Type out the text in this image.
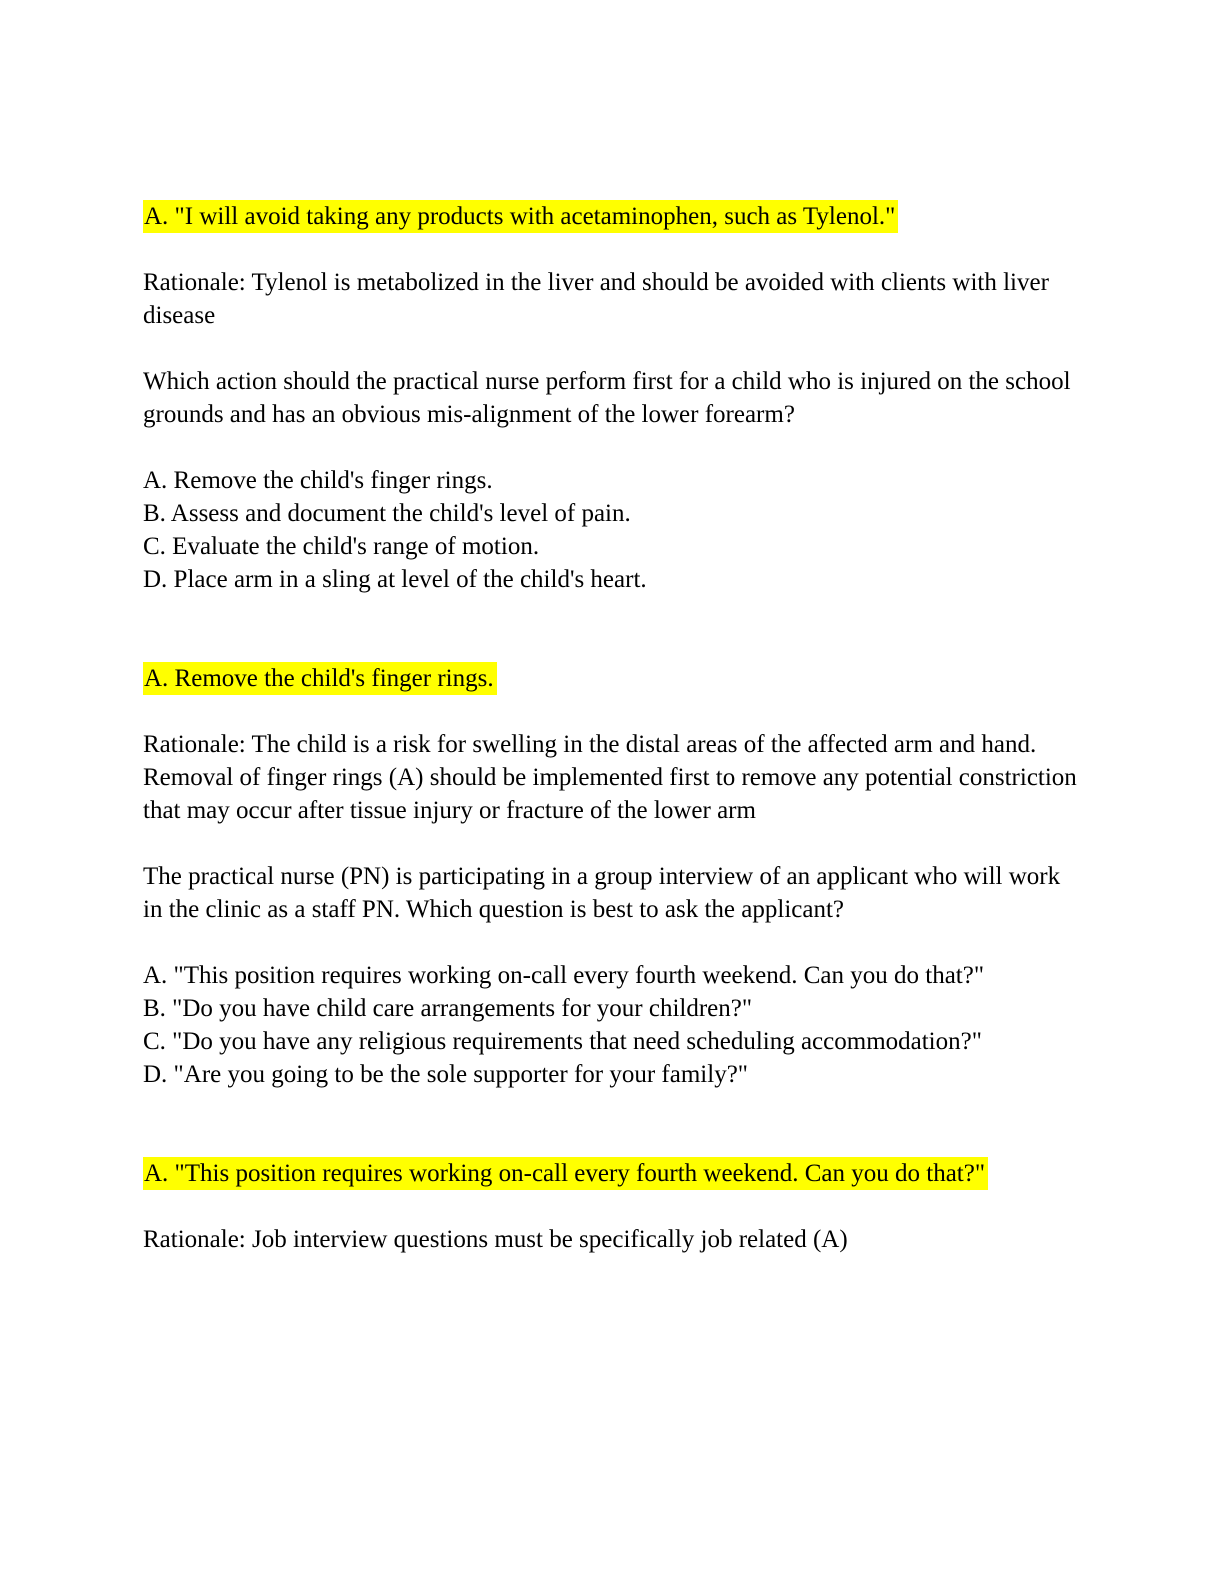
A. "I will avoid taking any products with acetaminophen, such as Tylenol."

Rationale: Tylenol is metabolized in the liver and should be avoided with clients with liver disease

Which action should the practical nurse perform first for a child who is injured on the school grounds and has an obvious mis-alignment of the lower forearm?

A. Remove the child's finger rings.
B. Assess and document the child's level of pain.
C. Evaluate the child's range of motion.
D. Place arm in a sling at level of the child's heart.

A. Remove the child's finger rings.

Rationale: The child is a risk for swelling in the distal areas of the affected arm and hand. Removal of finger rings (A) should be implemented first to remove any potential constriction that may occur after tissue injury or fracture of the lower arm

The practical nurse (PN) is participating in a group interview of an applicant who will work in the clinic as a staff PN. Which question is best to ask the applicant?

A. "This position requires working on-call every fourth weekend. Can you do that?"
B. "Do you have child care arrangements for your children?"
C. "Do you have any religious requirements that need scheduling accommodation?"
D. "Are you going to be the sole supporter for your family?"

A. "This position requires working on-call every fourth weekend. Can you do that?"

Rationale: Job interview questions must be specifically job related (A)
